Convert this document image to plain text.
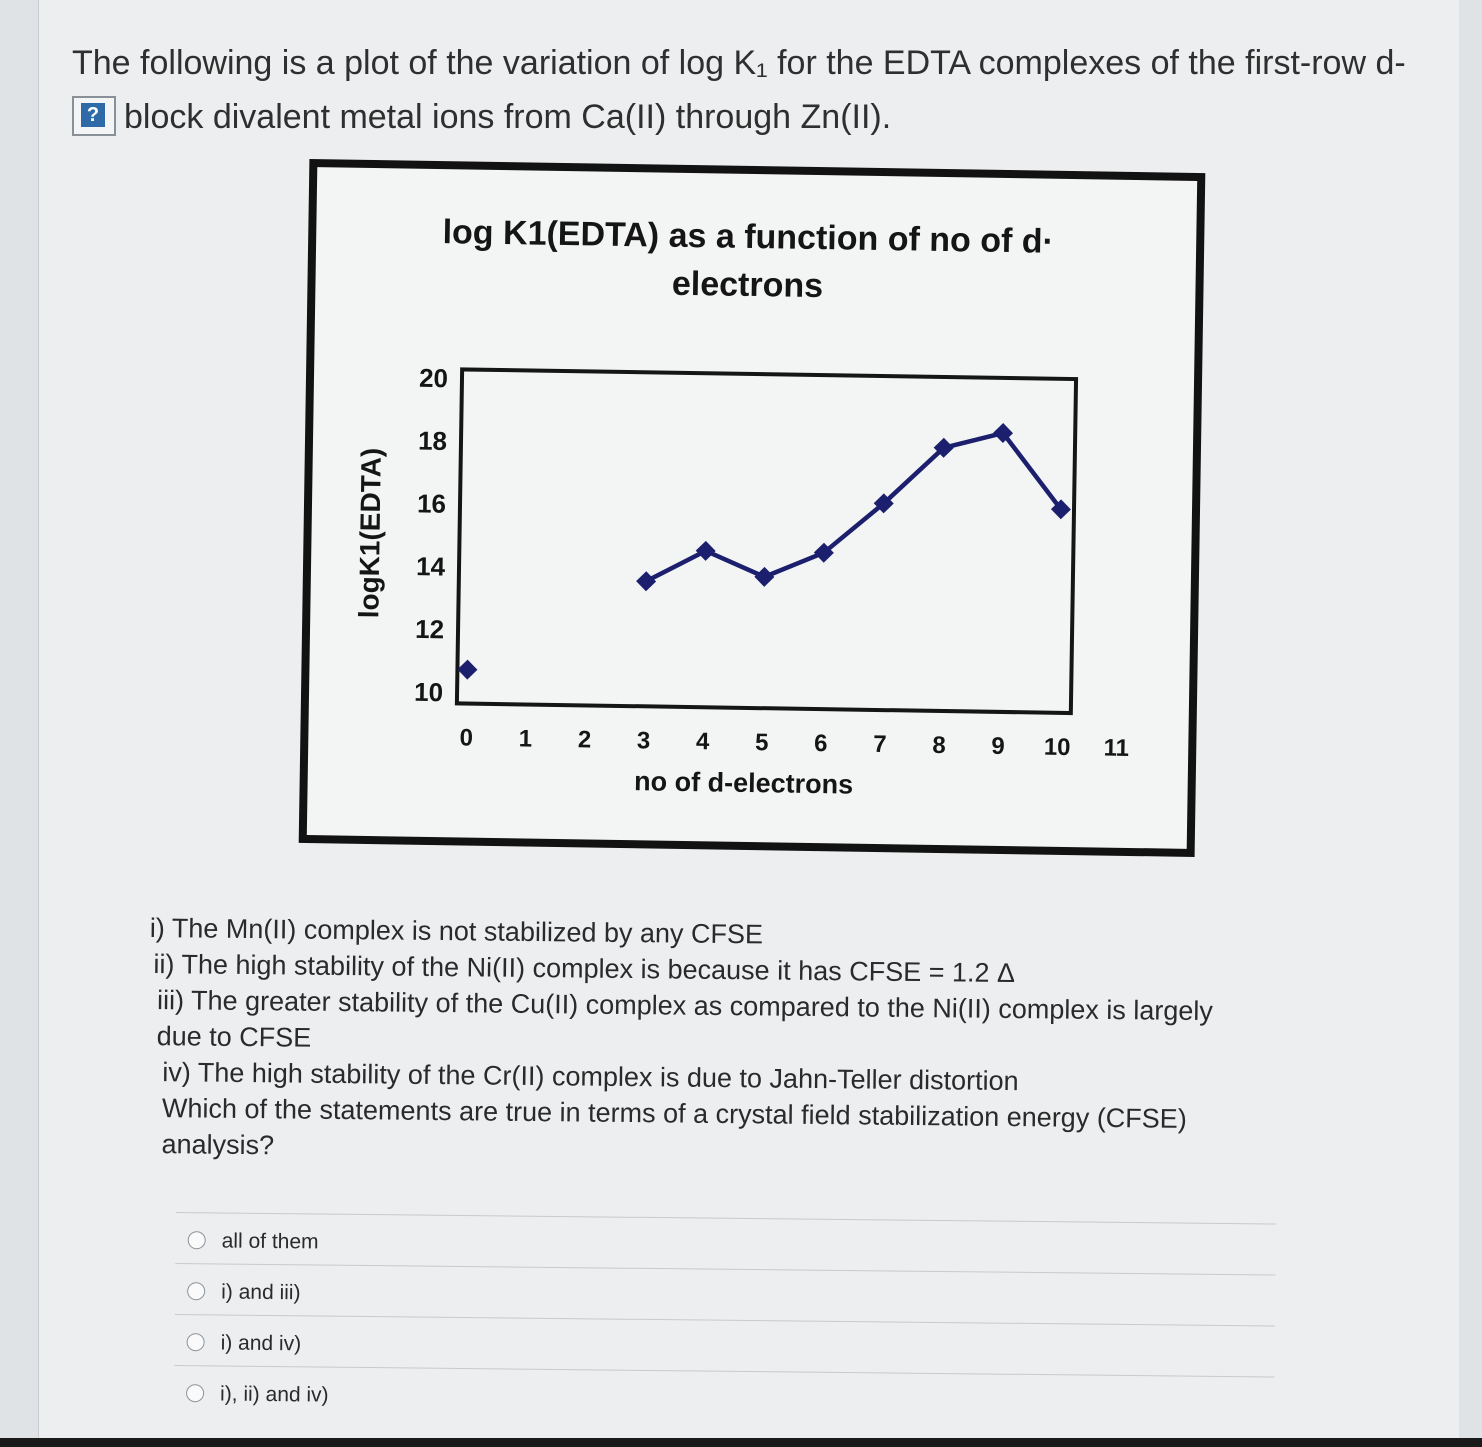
The following is a plot of the variation of log K₁ for the EDTA complexes of the first-row d-
? block divalent metal ions from Ca(II) through Zn(II).
log K1(EDTA) as a function of no of d·
electrons
logK1(EDTA)
no of d-electrons
10
12
14
16
18
20
0 1 2 3 4 5 6 7 8 9 10 11

i) The Mn(II) complex is not stabilized by any CFSE

ii) The high stability of the Ni(II) complex is because it has CFSE = 1.2 Δ

iii) The greater stability of the Cu(II) complex as compared to the Ni(II) complex is largely

due to CFSE

iv) The high stability of the Cr(II) complex is due to Jahn-Teller distortion

Which of the statements are true in terms of a crystal field stabilization energy (CFSE)

analysis?

all of them
i) and iii)
i) and iv)
i), ii) and iv)
